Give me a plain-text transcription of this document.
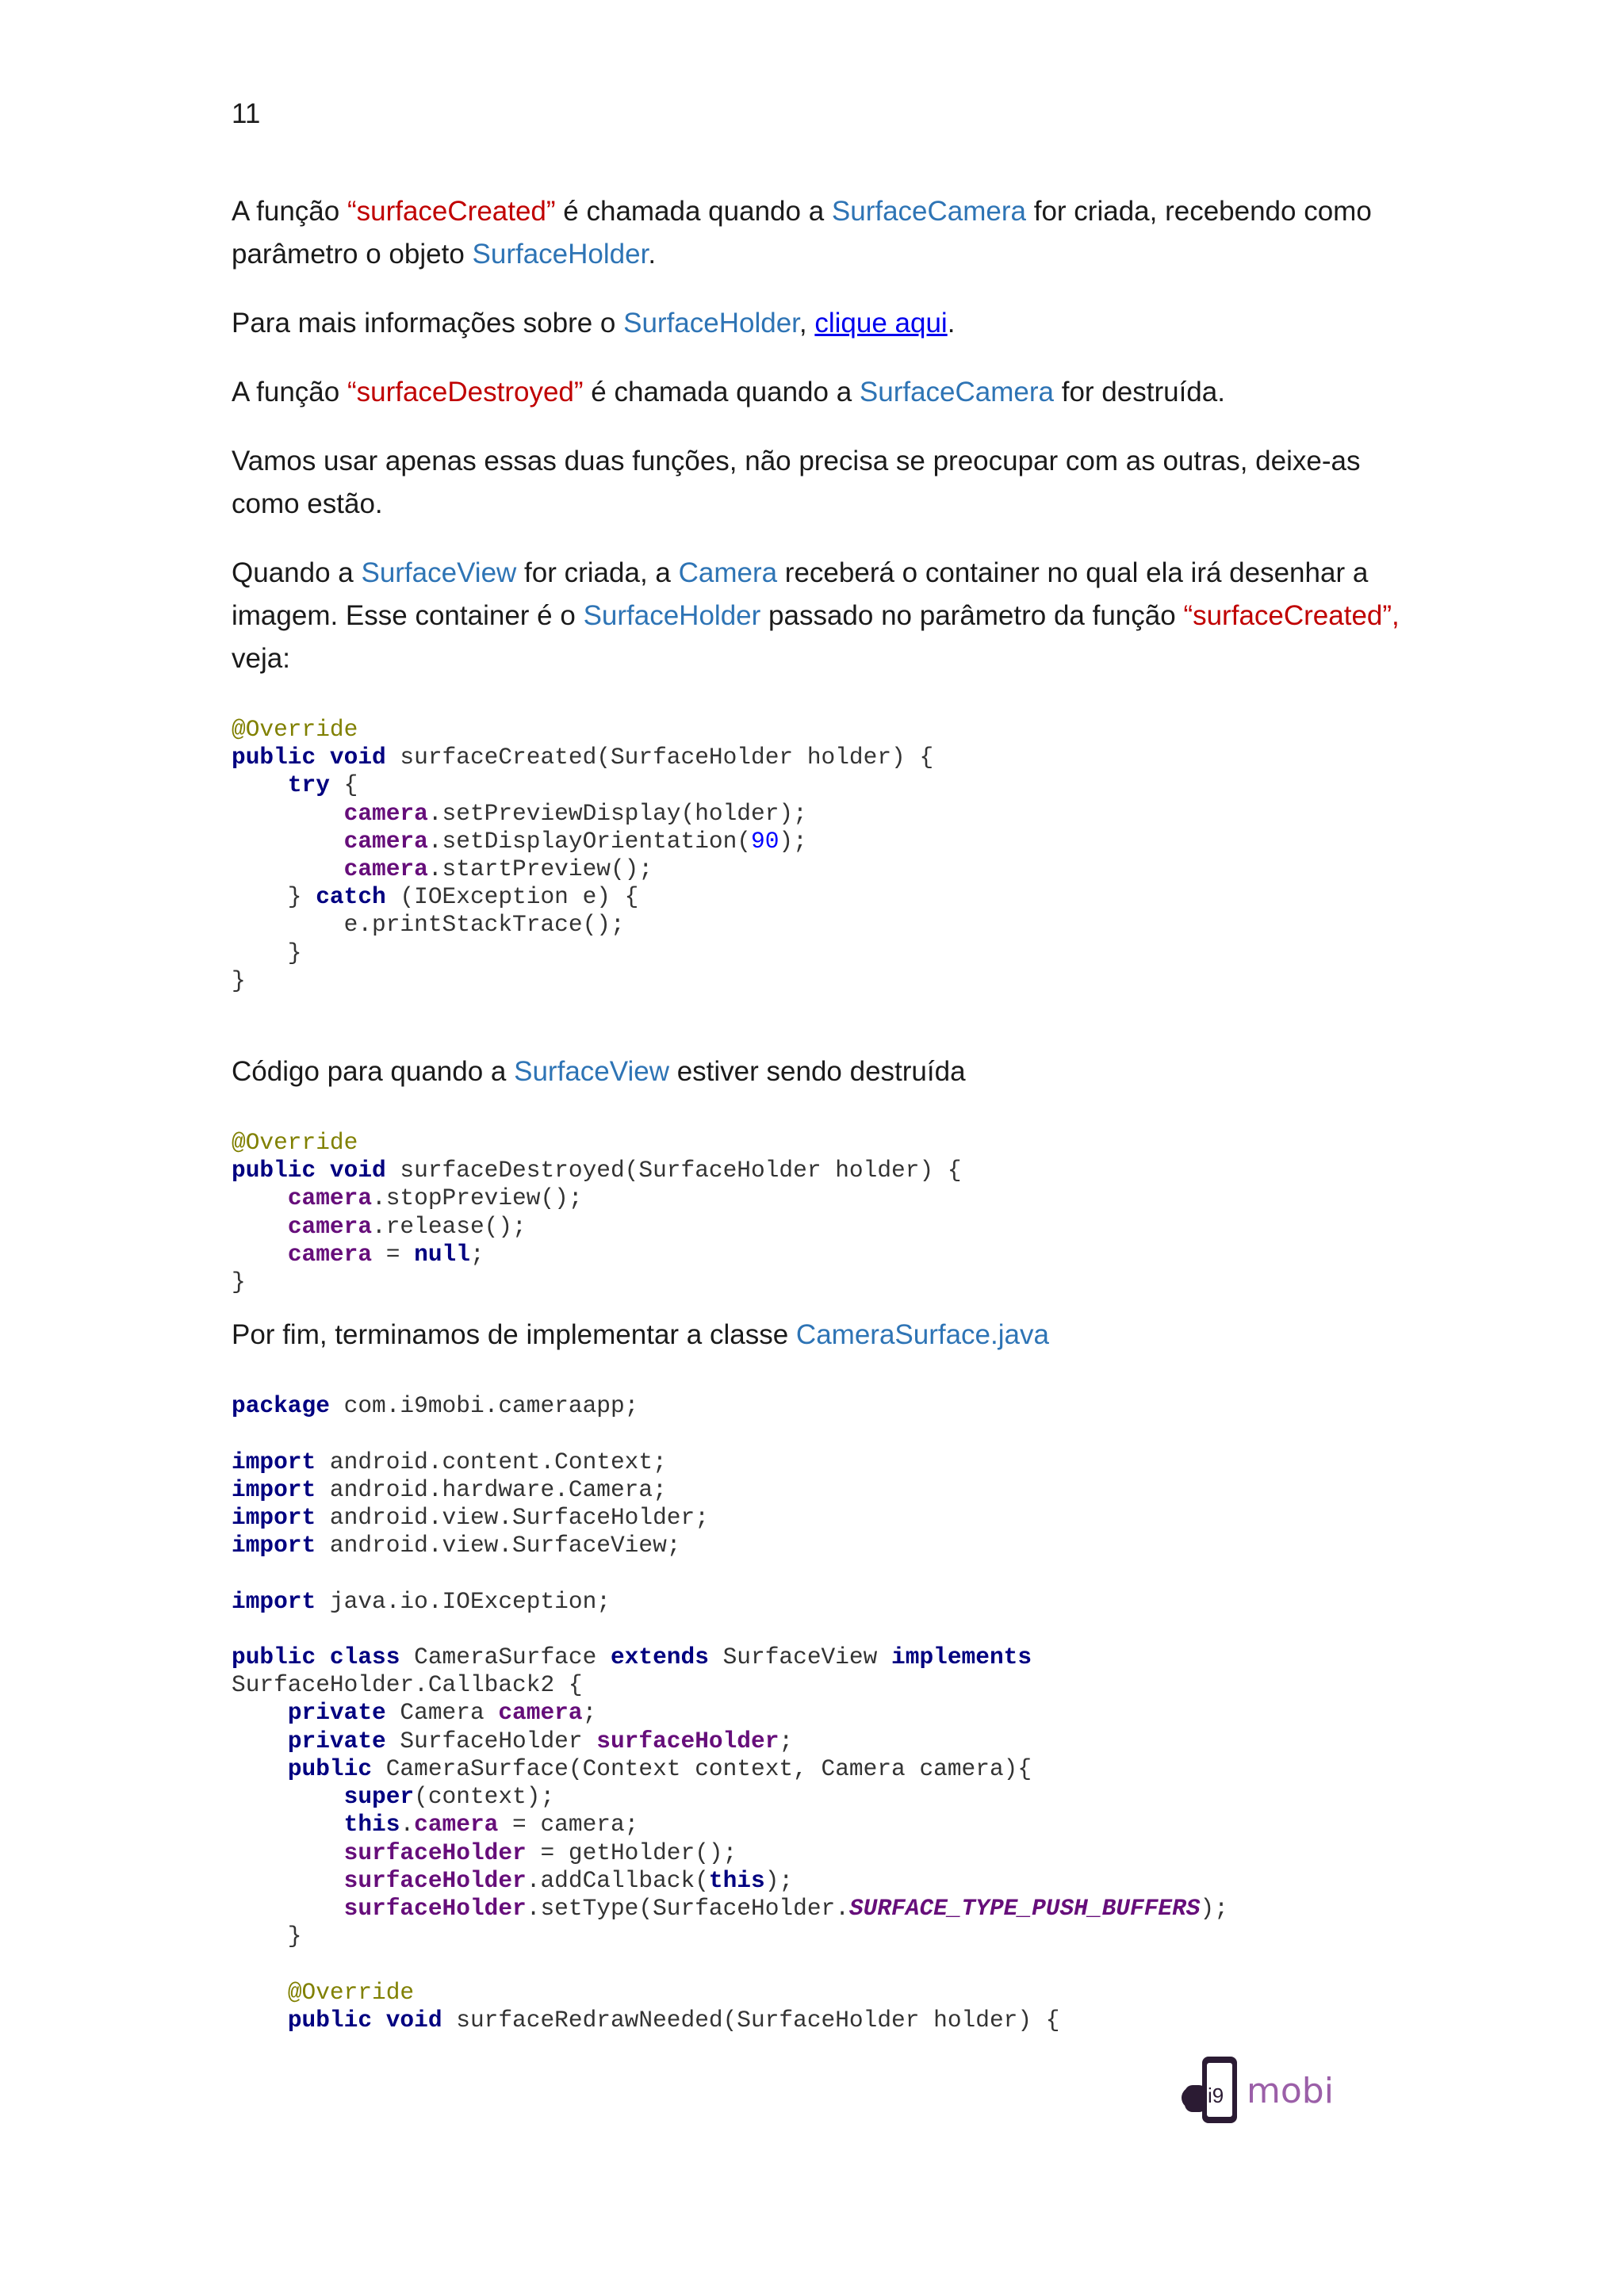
11

A função “surfaceCreated” é chamada quando a SurfaceCamera for criada, recebendo como parâmetro o objeto SurfaceHolder.

Para mais informações sobre o SurfaceHolder, clique aqui.

A função “surfaceDestroyed” é chamada quando a SurfaceCamera for destruída.

Vamos usar apenas essas duas funções, não precisa se preocupar com as outras, deixe-as como estão.

Quando a SurfaceView for criada, a Camera receberá o container no qual ela irá desenhar a imagem. Esse container é o SurfaceHolder passado no parâmetro da função “surfaceCreated”, veja:

@Override
public void surfaceCreated(SurfaceHolder holder) {
try {
camera.setPreviewDisplay(holder);
camera.setDisplayOrientation(90);
camera.startPreview();
} catch (IOException e) {
e.printStackTrace();
}
}

Código para quando a SurfaceView estiver sendo destruída

@Override
public void surfaceDestroyed(SurfaceHolder holder) {
camera.stopPreview();
camera.release();
camera = null;
}

Por fim, terminamos de implementar a classe CameraSurface.java

package com.i9mobi.cameraapp;

import android.content.Context;
import android.hardware.Camera;
import android.view.SurfaceHolder;
import android.view.SurfaceView;

import java.io.IOException;

public class CameraSurface extends SurfaceView implements
SurfaceHolder.Callback2 {
private Camera camera;
private SurfaceHolder surfaceHolder;
public CameraSurface(Context context, Camera camera){
super(context);
this.camera = camera;
surfaceHolder = getHolder();
surfaceHolder.addCallback(this);
surfaceHolder.setType(SurfaceHolder.SURFACE_TYPE_PUSH_BUFFERS);
}

@Override
public void surfaceRedrawNeeded(SurfaceHolder holder) {
i9 mobi
